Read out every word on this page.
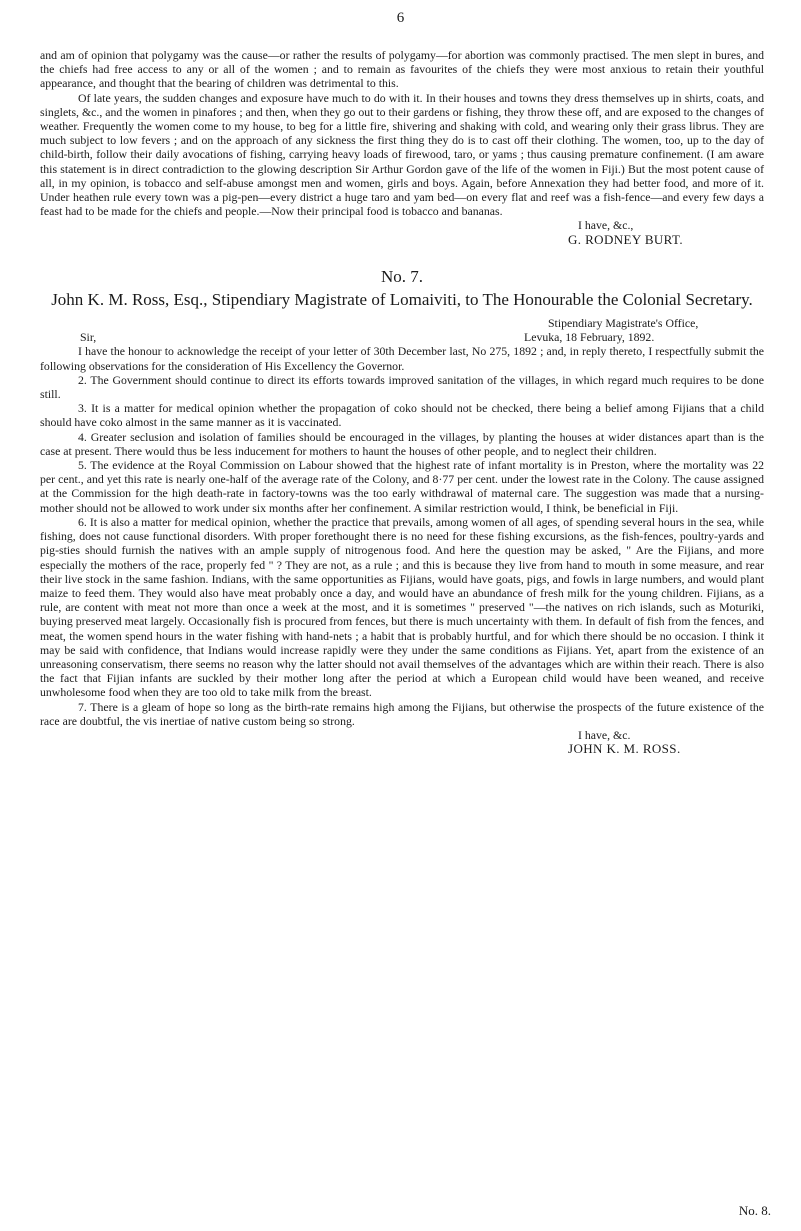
6

and am of opinion that polygamy was the cause—or rather the results of polygamy—for abortion was commonly practised. The men slept in bures, and the chiefs had free access to any or all of the women ; and to remain as favourites of the chiefs they were most anxious to retain their youthful appearance, and thought that the bearing of children was detrimental to this.

Of late years, the sudden changes and exposure have much to do with it. In their houses and towns they dress themselves up in shirts, coats, and singlets, &c., and the women in pinafores ; and then, when they go out to their gardens or fishing, they throw these off, and are exposed to the changes of weather. Frequently the women come to my house, to beg for a little fire, shivering and shaking with cold, and wearing only their grass librus. They are much subject to low fevers ; and on the approach of any sickness the first thing they do is to cast off their clothing. The women, too, up to the day of child-birth, follow their daily avocations of fishing, carrying heavy loads of firewood, taro, or yams ; thus causing premature confinement. (I am aware this statement is in direct contradiction to the glowing description Sir Arthur Gordon gave of the life of the women in Fiji.) But the most potent cause of all, in my opinion, is tobacco and self-abuse amongst men and women, girls and boys. Again, before Annexation they had better food, and more of it. Under heathen rule every town was a pig-pen—every district a huge taro and yam bed—on every flat and reef was a fish-fence—and every few days a feast had to be made for the chiefs and people.—Now their principal food is tobacco and bananas.

I have, &c.,

G. RODNEY BURT.

No. 7.
John K. M. Ross, Esq., Stipendiary Magistrate of Lomaiviti, to The Honourable the Colonial Secretary.

Stipendiary Magistrate's Office,

Sir,	Levuka, 18 February, 1892.

I have the honour to acknowledge the receipt of your letter of 30th December last, No 275, 1892 ; and, in reply thereto, I respectfully submit the following observations for the consideration of His Excellency the Governor.

2. The Government should continue to direct its efforts towards improved sanitation of the villages, in which regard much requires to be done still.

3. It is a matter for medical opinion whether the propagation of coko should not be checked, there being a belief among Fijians that a child should have coko almost in the same manner as it is vaccinated.

4. Greater seclusion and isolation of families should be encouraged in the villages, by planting the houses at wider distances apart than is the case at present. There would thus be less inducement for mothers to haunt the houses of other people, and to neglect their children.

5. The evidence at the Royal Commission on Labour showed that the highest rate of infant mortality is in Preston, where the mortality was 22 per cent., and yet this rate is nearly one-half of the average rate of the Colony, and 8·77 per cent. under the lowest rate in the Colony. The cause assigned at the Commission for the high death-rate in factory-towns was the too early withdrawal of maternal care. The suggestion was made that a nursing-mother should not be allowed to work under six months after her confinement. A similar restriction would, I think, be beneficial in Fiji.

6. It is also a matter for medical opinion, whether the practice that prevails, among women of all ages, of spending several hours in the sea, while fishing, does not cause functional disorders. With proper forethought there is no need for these fishing excursions, as the fish-fences, poultry-yards and pig-sties should furnish the natives with an ample supply of nitrogenous food. And here the question may be asked, " Are the Fijians, and more especially the mothers of the race, properly fed " ? They are not, as a rule ; and this is because they live from hand to mouth in some measure, and rear their live stock in the same fashion. Indians, with the same opportunities as Fijians, would have goats, pigs, and fowls in large numbers, and would plant maize to feed them. They would also have meat probably once a day, and would have an abundance of fresh milk for the young children. Fijians, as a rule, are content with meat not more than once a week at the most, and it is sometimes " preserved "—the natives on rich islands, such as Moturiki, buying preserved meat largely. Occasionally fish is procured from fences, but there is much uncertainty with them. In default of fish from the fences, and meat, the women spend hours in the water fishing with hand-nets ; a habit that is probably hurtful, and for which there should be no occasion. I think it may be said with confidence, that Indians would increase rapidly were they under the same conditions as Fijians. Yet, apart from the existence of an unreasoning conservatism, there seems no reason why the latter should not avail themselves of the advantages which are within their reach. There is also the fact that Fijian infants are suckled by their mother long after the period at which a European child would have been weaned, and receive unwholesome food when they are too old to take milk from the breast.

7. There is a gleam of hope so long as the birth-rate remains high among the Fijians, but otherwise the prospects of the future existence of the race are doubtful, the vis inertiae of native custom being so strong.

I have, &c.

JOHN K. M. ROSS.

No. 8.
